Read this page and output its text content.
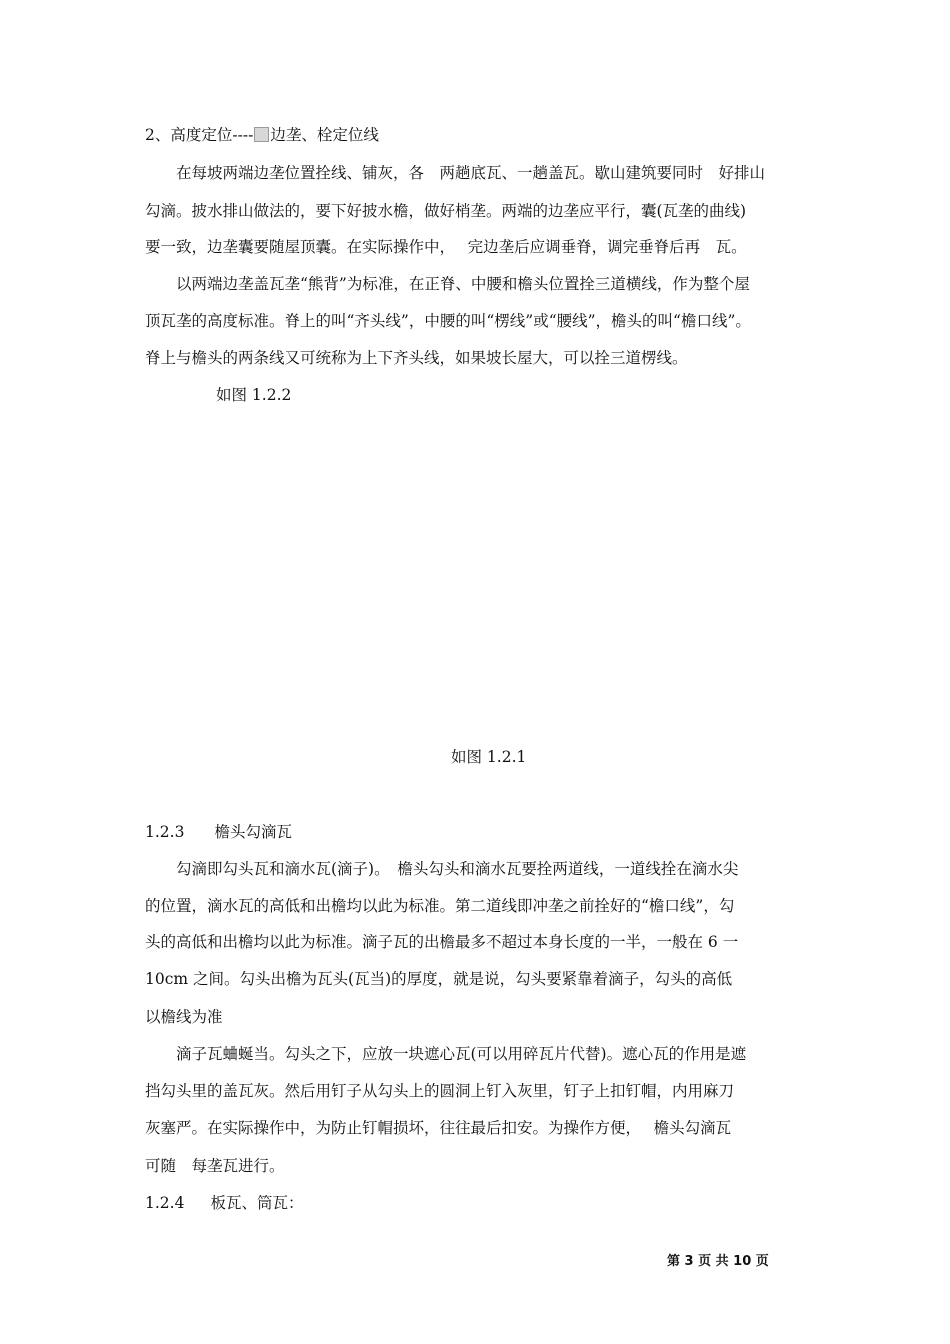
2、高度定位---- 边垄、栓定位线
在每坡两端边垄位置拴线、铺灰，各　两趟底瓦、一趟盖瓦。歇山建筑要同时　好排山
勾滴。披水排山做法的，要下好披水檐，做好梢垄。两端的边垄应平行，囊(瓦垄的曲线)
要一致，边垄囊要随屋顶囊。在实际操作中，　 完边垄后应调垂脊，调完垂脊后再　瓦。
以两端边垄盖瓦垄“熊背”为标准，在正脊、中腰和檐头位置拴三道横线，作为整个屋
顶瓦垄的高度标准。脊上的叫“齐头线”，中腰的叫“楞线”或“腰线”，檐头的叫“檐口线”。
脊上与檐头的两条线又可统称为上下齐头线，如果坡长屋大，可以拴三道楞线。
如图 1.2.2
如图 1.2.1
1.2.3 檐头勾滴瓦
勾滴即勾头瓦和滴水瓦(滴子)。　檐头勾头和滴水瓦要拴两道线，一道线拴在滴水尖
的位置，滴水瓦的高低和出檐均以此为标准。第二道线即冲垄之前拴好的“檐口线”，勾
头的高低和出檐均以此为标准。滴子瓦的出檐最多不超过本身长度的一半，一般在 6 一
10cm 之间。勾头出檐为瓦头(瓦当)的厚度，就是说，勾头要紧靠着滴子，勾头的高低
以檐线为准
滴子瓦蛐蜒当。勾头之下，应放一块遮心瓦(可以用碎瓦片代替)。遮心瓦的作用是遮
挡勾头里的盖瓦灰。然后用钉子从勾头上的圆洞上钉入灰里，钉子上扣钉帽，内用麻刀
灰塞严。在实际操作中，为防止钉帽损坏，往往最后扣安。为操作方便，　 檐头勾滴瓦
可随　每垄瓦进行。
1.2.4 板瓦、筒瓦：
第 3 页 共 10 页
